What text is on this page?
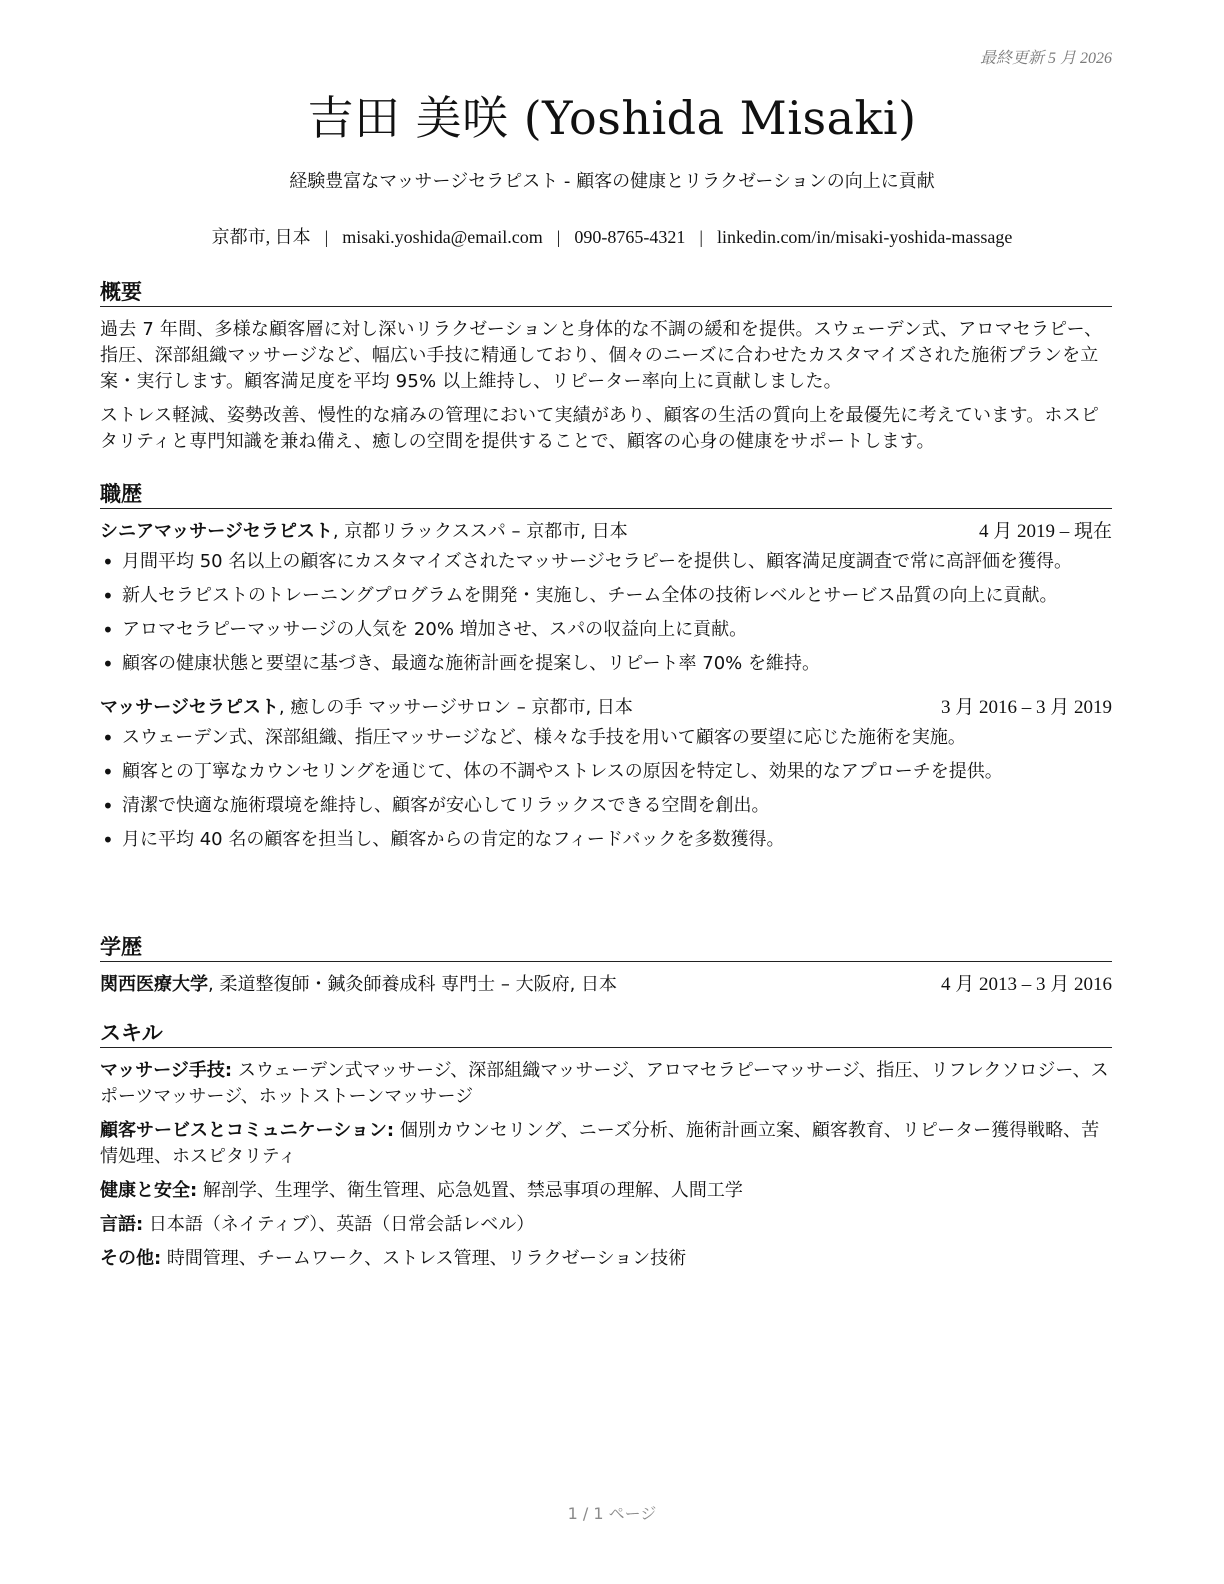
最終更新 5 月 2026
吉田 美咲 (Yoshida Misaki)
経験豊富なマッサージセラピスト - 顧客の健康とリラクゼーションの向上に貢献
京都市, 日本 | misaki.yoshida@email.com | 090-8765-4321 | linkedin.com/in/misaki-yoshida-massage
概要

過去 7 年間、多様な顧客層に対し深いリラクゼーションと身体的な不調の緩和を提供。スウェーデン式、アロマセラピー、指圧、深部組織マッサージなど、幅広い手技に精通しており、個々のニーズに合わせたカスタマイズされた施術プランを立案・実行します。顧客満足度を平均 95% 以上維持し、リピーター率向上に貢献しました。

ストレス軽減、姿勢改善、慢性的な痛みの管理において実績があり、顧客の生活の質向上を最優先に考えています。ホスピタリティと専門知識を兼ね備え、癒しの空間を提供することで、顧客の心身の健康をサポートします。

職歴
シニアマッサージセラピスト, 京都リラックススパ – 京都市, 日本	4 月 2019 – 現在
• 月間平均 50 名以上の顧客にカスタマイズされたマッサージセラピーを提供し、顧客満足度調査で常に高評価を獲得。
• 新人セラピストのトレーニングプログラムを開発・実施し、チーム全体の技術レベルとサービス品質の向上に貢献。
• アロマセラピーマッサージの人気を 20% 増加させ、スパの収益向上に貢献。
• 顧客の健康状態と要望に基づき、最適な施術計画を提案し、リピート率 70% を維持。
マッサージセラピスト, 癒しの手 マッサージサロン – 京都市, 日本	3 月 2016 – 3 月 2019
• スウェーデン式、深部組織、指圧マッサージなど、様々な手技を用いて顧客の要望に応じた施術を実施。
• 顧客との丁寧なカウンセリングを通じて、体の不調やストレスの原因を特定し、効果的なアプローチを提供。
• 清潔で快適な施術環境を維持し、顧客が安心してリラックスできる空間を創出。
• 月に平均 40 名の顧客を担当し、顧客からの肯定的なフィードバックを多数獲得。
学歴
関西医療大学, 柔道整復師・鍼灸師養成科 専門士 – 大阪府, 日本	4 月 2013 – 3 月 2016
スキル
マッサージ手技: スウェーデン式マッサージ、深部組織マッサージ、アロマセラピーマッサージ、指圧、リフレクソロジー、スポーツマッサージ、ホットストーンマッサージ
顧客サービスとコミュニケーション: 個別カウンセリング、ニーズ分析、施術計画立案、顧客教育、リピーター獲得戦略、苦情処理、ホスピタリティ
健康と安全: 解剖学、生理学、衛生管理、応急処置、禁忌事項の理解、人間工学
言語: 日本語（ネイティブ）、英語（日常会話レベル）
その他: 時間管理、チームワーク、ストレス管理、リラクゼーション技術
1 / 1 ページ
